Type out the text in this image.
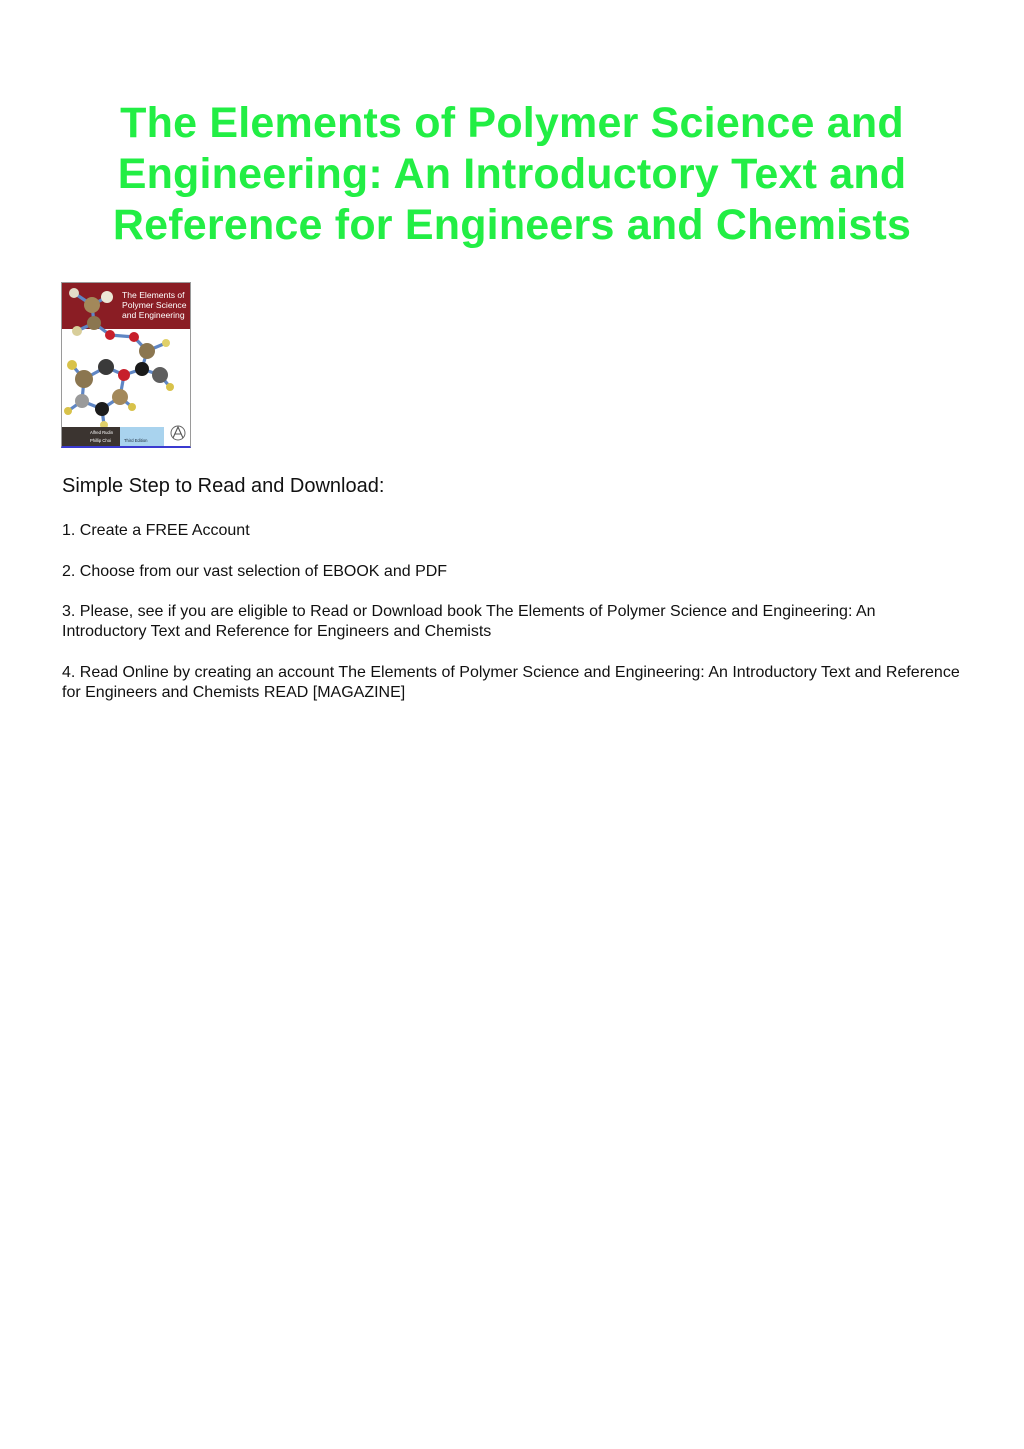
The Elements of Polymer Science and Engineering: An Introductory Text and Reference for Engineers and Chemists
The Elements of
Polymer Science
and Engineering
Alfred Rudin
Phillip Choi	Third Edition
Simple Step to Read and Download:

1. Create a FREE Account

2. Choose from our vast selection of EBOOK and PDF

3. Please, see if you are eligible to Read or Download book The Elements of Polymer Science and Engineering: An Introductory Text and Reference for Engineers and Chemists

4. Read Online by creating an account The Elements of Polymer Science and Engineering: An Introductory Text and Reference for Engineers and Chemists READ [MAGAZINE]
